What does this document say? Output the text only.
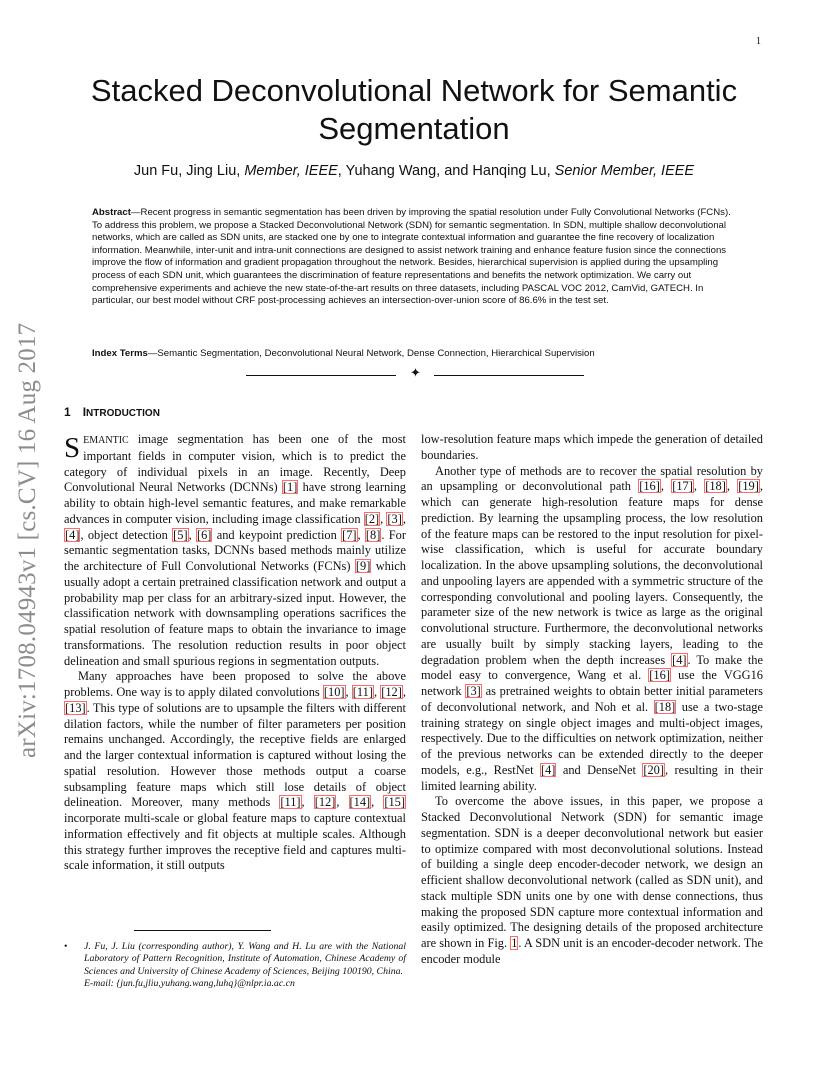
1
arXiv:1708.04943v1 [cs.CV] 16 Aug 2017
Stacked Deconvolutional Network for Semantic
Segmentation
Jun Fu, Jing Liu, Member, IEEE, Yuhang Wang, and Hanqing Lu, Senior Member, IEEE
Abstract—Recent progress in semantic segmentation has been driven by improving the spatial resolution under Fully Convolutional Networks (FCNs). To address this problem, we propose a Stacked Deconvolutional Network (SDN) for semantic segmentation. In SDN, multiple shallow deconvolutional networks, which are called as SDN units, are stacked one by one to integrate contextual information and guarantee the fine recovery of localization information. Meanwhile, inter-unit and intra-unit connections are designed to assist network training and enhance feature fusion since the connections improve the flow of information and gradient propagation throughout the network. Besides, hierarchical supervision is applied during the upsampling process of each SDN unit, which guarantees the discrimination of feature representations and benefits the network optimization. We carry out comprehensive experiments and achieve the new state-of-the-art results on three datasets, including PASCAL VOC 2012, CamVid, GATECH. In particular, our best model without CRF post-processing achieves an intersection-over-union score of 86.6% in the test set.
Index Terms—Semantic Segmentation, Deconvolutional Neural Network, Dense Connection, Hierarchical Supervision
✦
1 INTRODUCTION

SEMANTIC image segmentation has been one of the most important fields in computer vision, which is to predict the category of individual pixels in an image. Recently, Deep Convolutional Neural Networks (DCNNs) [1] have strong learning ability to obtain high-level semantic features, and make remarkable advances in computer vision, including image classification [2], [3], [4], object detection [5], [6] and keypoint prediction [7], [8]. For semantic segmentation tasks, DCNNs based methods mainly utilize the architecture of Full Convolutional Networks (FCNs) [9] which usually adopt a certain pretrained classification network and output a probability map per class for an arbitrary-sized input. However, the classification network with downsampling operations sacrifices the spatial resolution of feature maps to obtain the invariance to image transformations. The resolution reduction results in poor object delineation and small spurious regions in segmentation outputs.

Many approaches have been proposed to solve the above problems. One way is to apply dilated convolutions [10], [11], [12], [13]. This type of solutions are to upsample the filters with different dilation factors, while the number of filter parameters per position remains unchanged. Accordingly, the receptive fields are enlarged and the larger contextual information is captured without losing the spatial resolution. However those methods output a coarse subsampling feature maps which still lose details of object delineation. Moreover, many methods [11], [12], [14], [15] incorporate multi-scale or global feature maps to capture contextual information effectively and fit objects at multiple scales. Although this strategy further improves the receptive field and captures multi-scale information, it still outputs

low-resolution feature maps which impede the generation of detailed boundaries.

Another type of methods are to recover the spatial resolution by an upsampling or deconvolutional path [16], [17], [18], [19], which can generate high-resolution feature maps for dense prediction. By learning the upsampling process, the low resolution of the feature maps can be restored to the input resolution for pixel-wise classification, which is useful for accurate boundary localization. In the above upsampling solutions, the deconvolutional and unpooling layers are appended with a symmetric structure of the corresponding convolutional and pooling layers. Consequently, the parameter size of the new network is twice as large as the original convolutional structure. Furthermore, the deconvolutional networks are usually built by simply stacking layers, leading to the degradation problem when the depth increases [4]. To make the model easy to convergence, Wang et al. [16] use the VGG16 network [3] as pretrained weights to obtain better initial parameters of deconvolutional network, and Noh et al. [18] use a two-stage training strategy on single object images and multi-object images, respectively. Due to the difficulties on network optimization, neither of the previous networks can be extended directly to the deeper models, e.g., RestNet [4] and DenseNet [20], resulting in their limited learning ability.

To overcome the above issues, in this paper, we propose a Stacked Deconvolutional Network (SDN) for semantic image segmentation. SDN is a deeper deconvolutional network but easier to optimize compared with most deconvolutional solutions. Instead of building a single deep encoder-decoder network, we design an efficient shallow deconvolutional network (called as SDN unit), and stack multiple SDN units one by one with dense connections, thus making the proposed SDN capture more contextual information and easily optimized. The designing details of the proposed architecture are shown in Fig. 1. A SDN unit is an encoder-decoder network. The encoder module

• J. Fu, J. Liu (corresponding author), Y. Wang and H. Lu are with the National Laboratory of Pattern Recognition, Institute of Automation, Chinese Academy of Sciences and University of Chinese Academy of Sciences, Beijing 100190, China.
E-mail: {jun.fu,jliu,yuhang.wang,luhq}@nlpr.ia.ac.cn
